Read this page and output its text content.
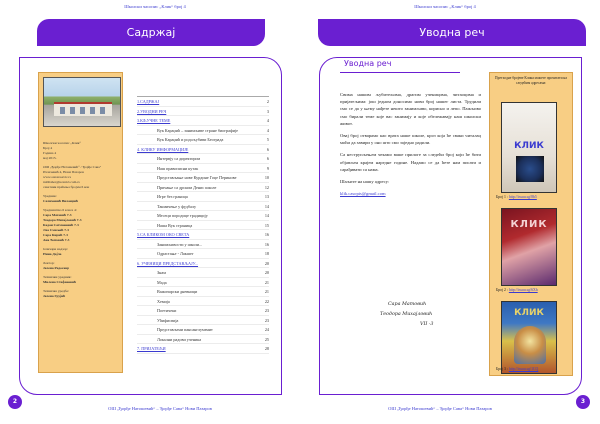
Школски часопис „Клик“ број 4
Садржај

Школски часопис „Клик“
Број 4
Година 4
мај 2015.

ОШ „Ђорђе Натошевић“ / Ђорђе Сава"
Излачевић 4, Нови Пазаров
www.osnatosevic.rs
пublisher@ucenici.com.rs
саветник праћења бројем 6 кон

Уредник:
Селимовић Вилаиџић

Уредништво 6 класе 4:
Сара Матовић 7-3
Теодора Михајловић 7-3
Кадан Сатмановић 7-3
Леа Смиљић 7-3
Сара Кирић 7-3
Ана Ћатовић 7-3

Језичари надзор:
Нина Дајча

Лектор:
Јелена Радосавр

Технички уредник:
Милена Стефановић

Техничка уредба:
Јелена Грујић

1.САДРЖАЈ	2
2.УВОДНИ РЕЧ	3
3.КЉУЧНЕ ТЕМЕ	4
Вук Караџић – занимљиве стране биографије	4
Вук Караџић и родољубиви Београда	5
4. КЛИКУ ИНФОРМАЦИЈЕ	6
Интервју са директором	6
Наш правописни кутак	9
Представљање нове Курдине Гоце Перинове	10
Причање са дрским Денис школе	12
Игре без граница	13
Такмичење у фудбалу	14
Месеци породице традицију	14
Наша Вук страница	15
5.СА КЛИКОМ ОКО СВЕТА	16
Занимљивости у школи...	16
Одрастање - Лакшег	18
6. УЧЕНИЦИ ПРЕДСТАВЉАЈУ...	20
Знам	20
Мада	21
Важичарски дневници	21
Хемија	22
Поетичеки	23
Ућифисвија	23
Представљени пансанглуменит	24
Локални радови ученика	25
7. ПРИЈАТЕЉИ	28
2
ОШ „Ђорђе Натошевић“ – Ђорђе Сава“ Нови Пазаров
Школски часопис „Клик“ број 4
Уводна реч
Уводна реч

Свима нашим љубитељима, драгим ученицима, читаоцима и пријатељима: још једном доносимо нови број нашег листа. Трудили смо се да у њему нађете нешто занимљиво, корисно и лепо. Пажљиво смо бирали теме које вас занимају и које обележавају наш школски живот.

Овај број отварамо као врата наше школе, кроз која ће сваки читалац моћи да завири у оно што смо заједно радили.

Са неструпљењем чекамо ваше прилоге за следећи број који ће бити објављен крајем наредне године. Надамо се да ћете нам писати и сарађивати са нама.

Шаљите на нашу адресу:

klik.casopis@gmail.com

Сара Матовић
Теодора Михајловић
VII -3
Претходне бројеве Клика можете прочитати на следећим адресама:
КЛИК
Број 1 : http://issuu.sg/8b5
КЛИК
Број 2 : http://issuu.sg/6Xh
КЛИК
Број 3 : http://issuu.sg/1CQ
3
ОШ „Ђорђе Натошевић“ – Ђорђе Сава“ Нови Пазаров
